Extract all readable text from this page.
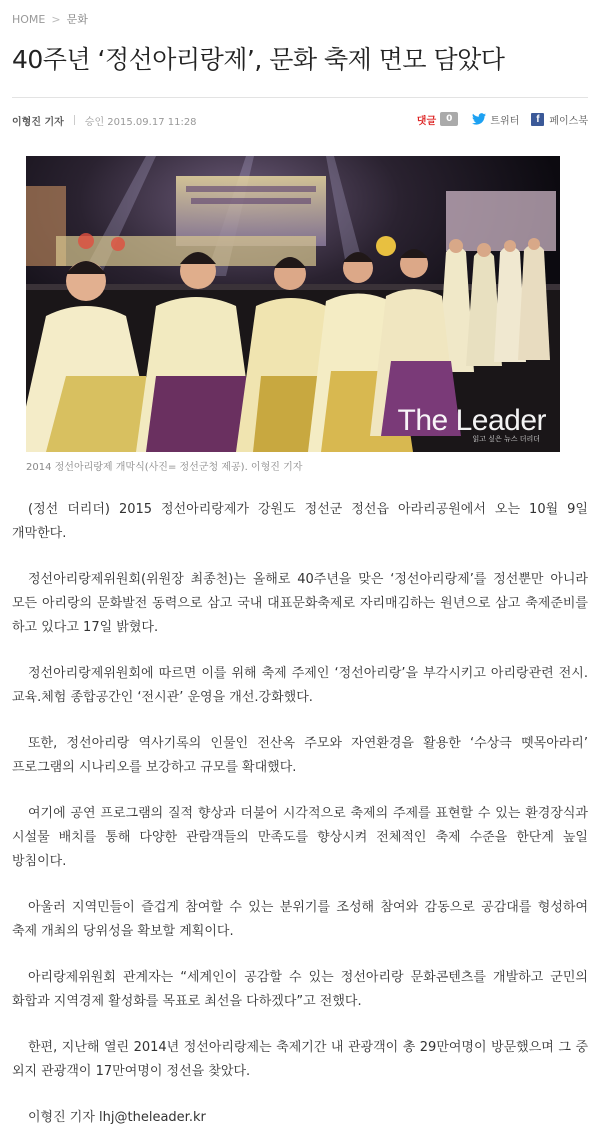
HOME > 문화
40주년 ‘정선아리랑제’, 문화 축제 면모 담았다
이형진 기자 승인 2015.09.17 11:28	댓글	0	트위터	f 페이스북
The Leader
읽고 싶은 뉴스 더리더
2014 정선아리랑제 개막식(사진= 정선군청 제공). 이형진 기자

(정선 더리더) 2015 정선아리랑제가 강원도 정선군 정선읍 아라리공원에서 오는 10월 9일 개막한다.

정선아리랑제위원회(위원장 최종천)는 올해로 40주년을 맞은 ‘정선아리랑제’를 정선뿐만 아니라 모든 아리랑의 문화발전 동력으로 삼고 국내 대표문화축제로 자리매김하는 원년으로 삼고 축제준비를 하고 있다고 17일 밝혔다.

정선아리랑제위원회에 따르면 이를 위해 축제 주제인 ‘정선아리랑’을 부각시키고 아리랑관련 전시.교육.체험 종합공간인 ‘전시관’ 운영을 개선.강화했다.

또한, 정선아리랑 역사기록의 인물인 전산옥 주모와 자연환경을 활용한 ‘수상극 뗏목아라리’ 프로그램의 시나리오를 보강하고 규모를 확대했다.

여기에 공연 프로그램의 질적 향상과 더불어 시각적으로 축제의 주제를 표현할 수 있는 환경장식과 시설물 배치를 통해 다양한 관람객들의 만족도를 향상시켜 전체적인 축제 수준을 한단계 높일 방침이다.

아울러 지역민들이 즐겁게 참여할 수 있는 분위기를 조성해 참여와 감동으로 공감대를 형성하여 축제 개최의 당위성을 확보할 계획이다.

아리랑제위원회 관계자는 “세계인이 공감할 수 있는 정선아리랑 문화콘텐츠를 개발하고 군민의 화합과 지역경제 활성화를 목표로 최선을 다하겠다”고 전했다.

한편, 지난해 열린 2014년 정선아리랑제는 축제기간 내 관광객이 총 29만여명이 방문했으며 그 중 외지 관광객이 17만여명이 정선을 찾았다.

이형진 기자 lhj@theleader.kr
